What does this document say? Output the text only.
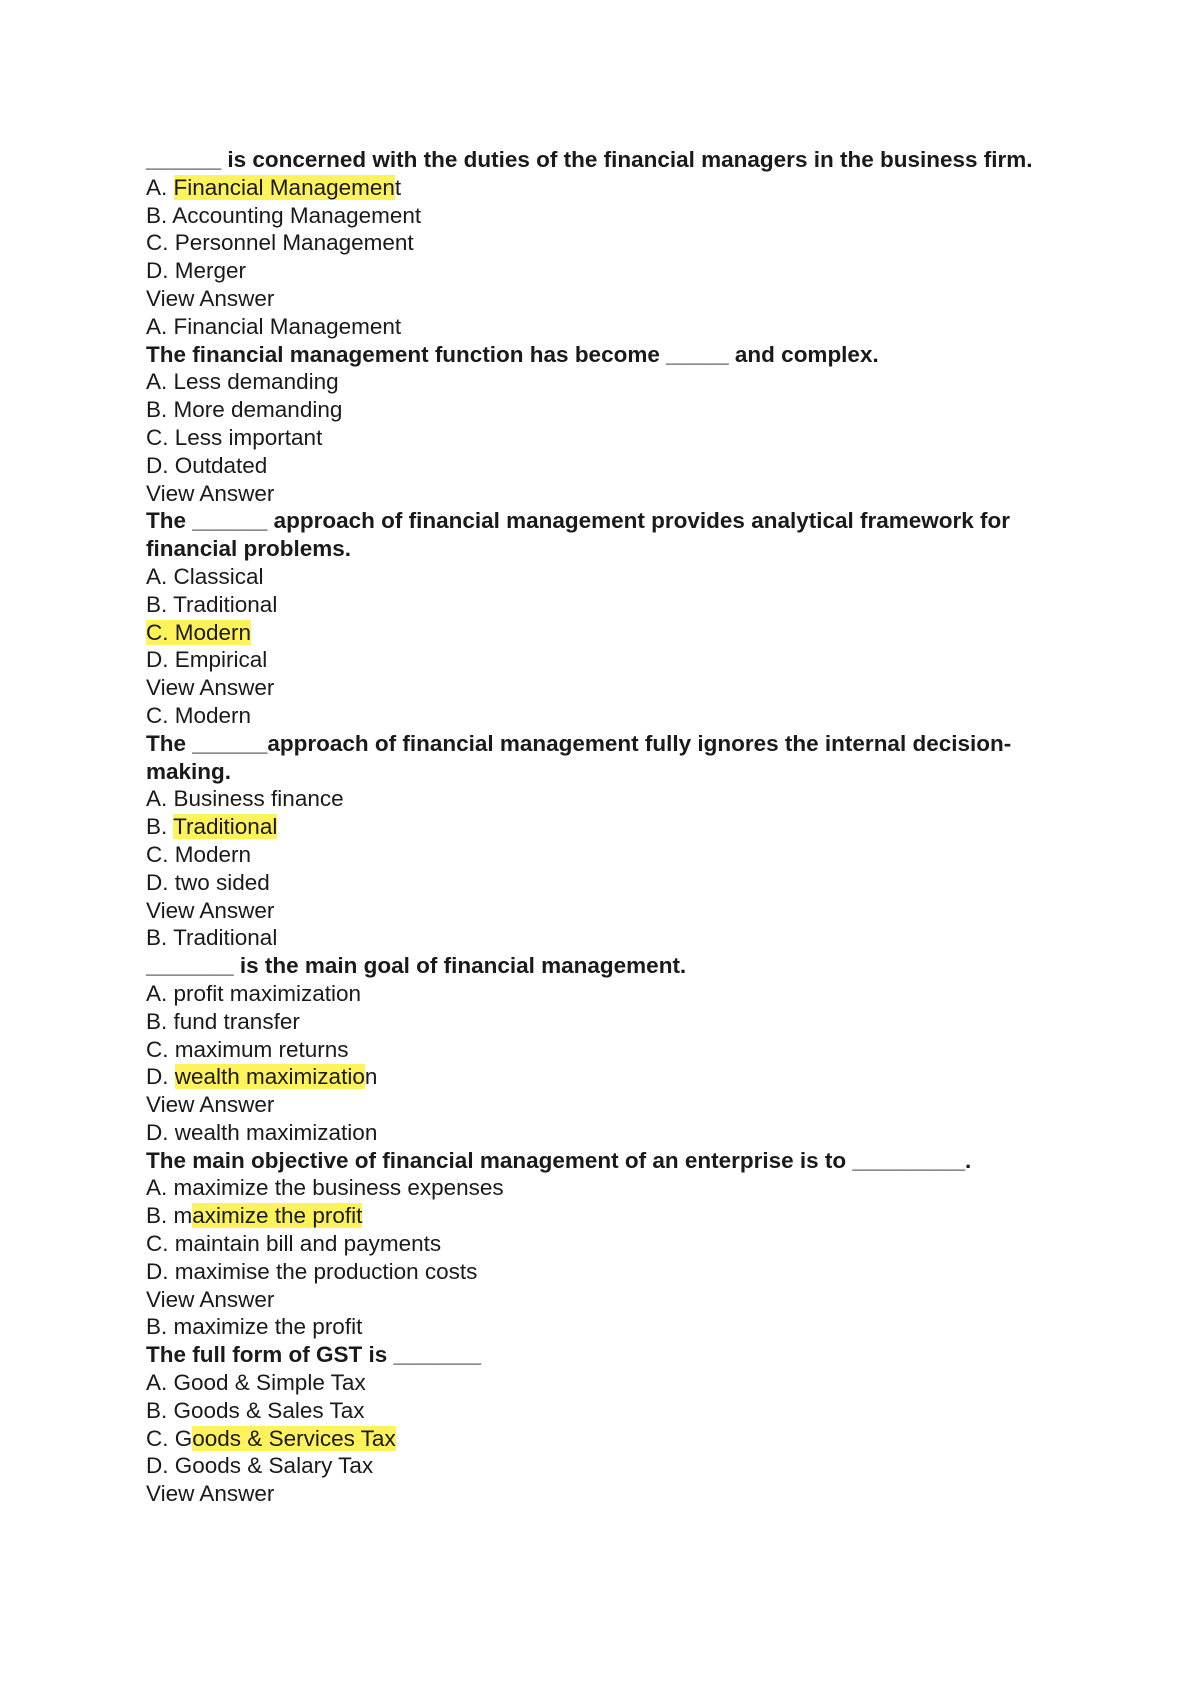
______ is concerned with the duties of the financial managers in the business firm.

A. Financial Management

B. Accounting Management

C. Personnel Management

D. Merger

View Answer

A. Financial Management

The financial management function has become _____ and complex.

A. Less demanding

B. More demanding

C. Less important

D. Outdated

View Answer

The ______ approach of financial management provides analytical framework for financial problems.

A. Classical

B. Traditional

C. Modern

D. Empirical

View Answer

C. Modern

The ______approach of financial management fully ignores the internal decision-making.

A. Business finance

B. Traditional

C. Modern

D. two sided

View Answer

B. Traditional

_______ is the main goal of financial management.

A. profit maximization

B. fund transfer

C. maximum returns

D. wealth maximization

View Answer

D. wealth maximization

The main objective of financial management of an enterprise is to _________.

A. maximize the business expenses

B. maximize the profit

C. maintain bill and payments

D. maximise the production costs

View Answer

B. maximize the profit

The full form of GST is _______

A. Good & Simple Tax

B. Goods & Sales Tax

C. Goods & Services Tax

D. Goods & Salary Tax

View Answer
